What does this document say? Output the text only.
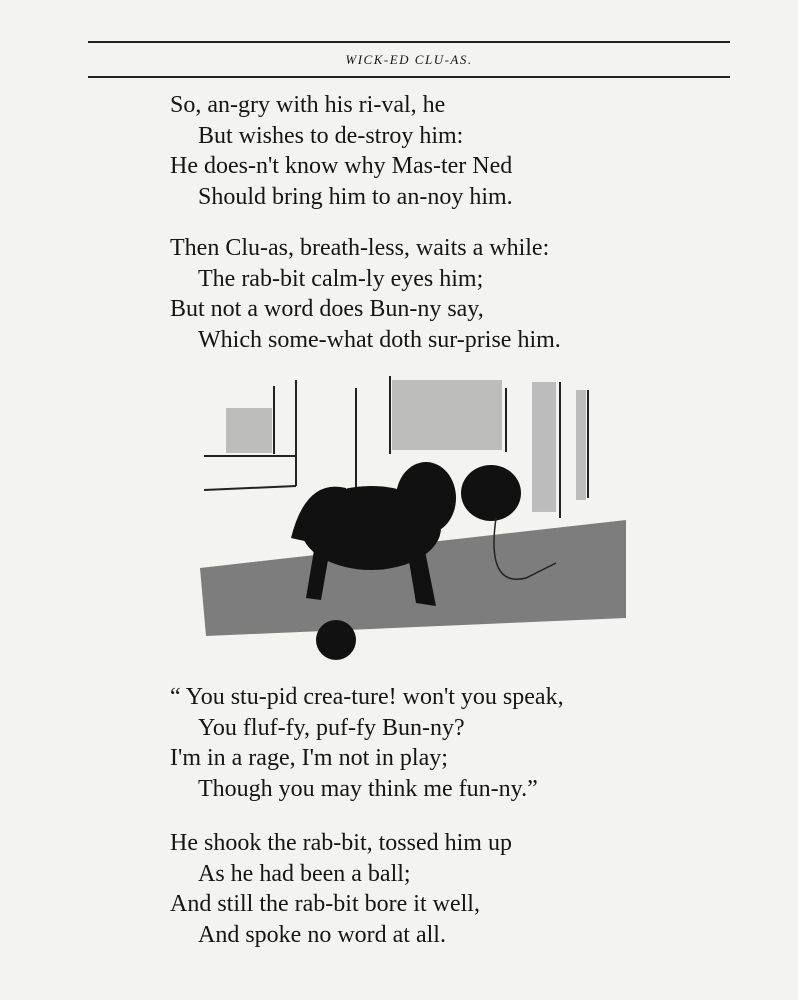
WICK-ED CLU-AS.
So, an-gry with his ri-val, he
But wishes to de-stroy him:
He does-n't know why Mas-ter Ned
Should bring him to an-noy him.
Then Clu-as, breath-less, waits a while:
The rab-bit calm-ly eyes him;
But not a word does Bun-ny say,
Which some-what doth sur-prise him.
“ You stu-pid crea-ture! won't you speak,
You fluf-fy, puf-fy Bun-ny?
I'm in a rage, I'm not in play;
Though you may think me fun-ny.”
He shook the rab-bit, tossed him up
As he had been a ball;
And still the rab-bit bore it well,
And spoke no word at all.
